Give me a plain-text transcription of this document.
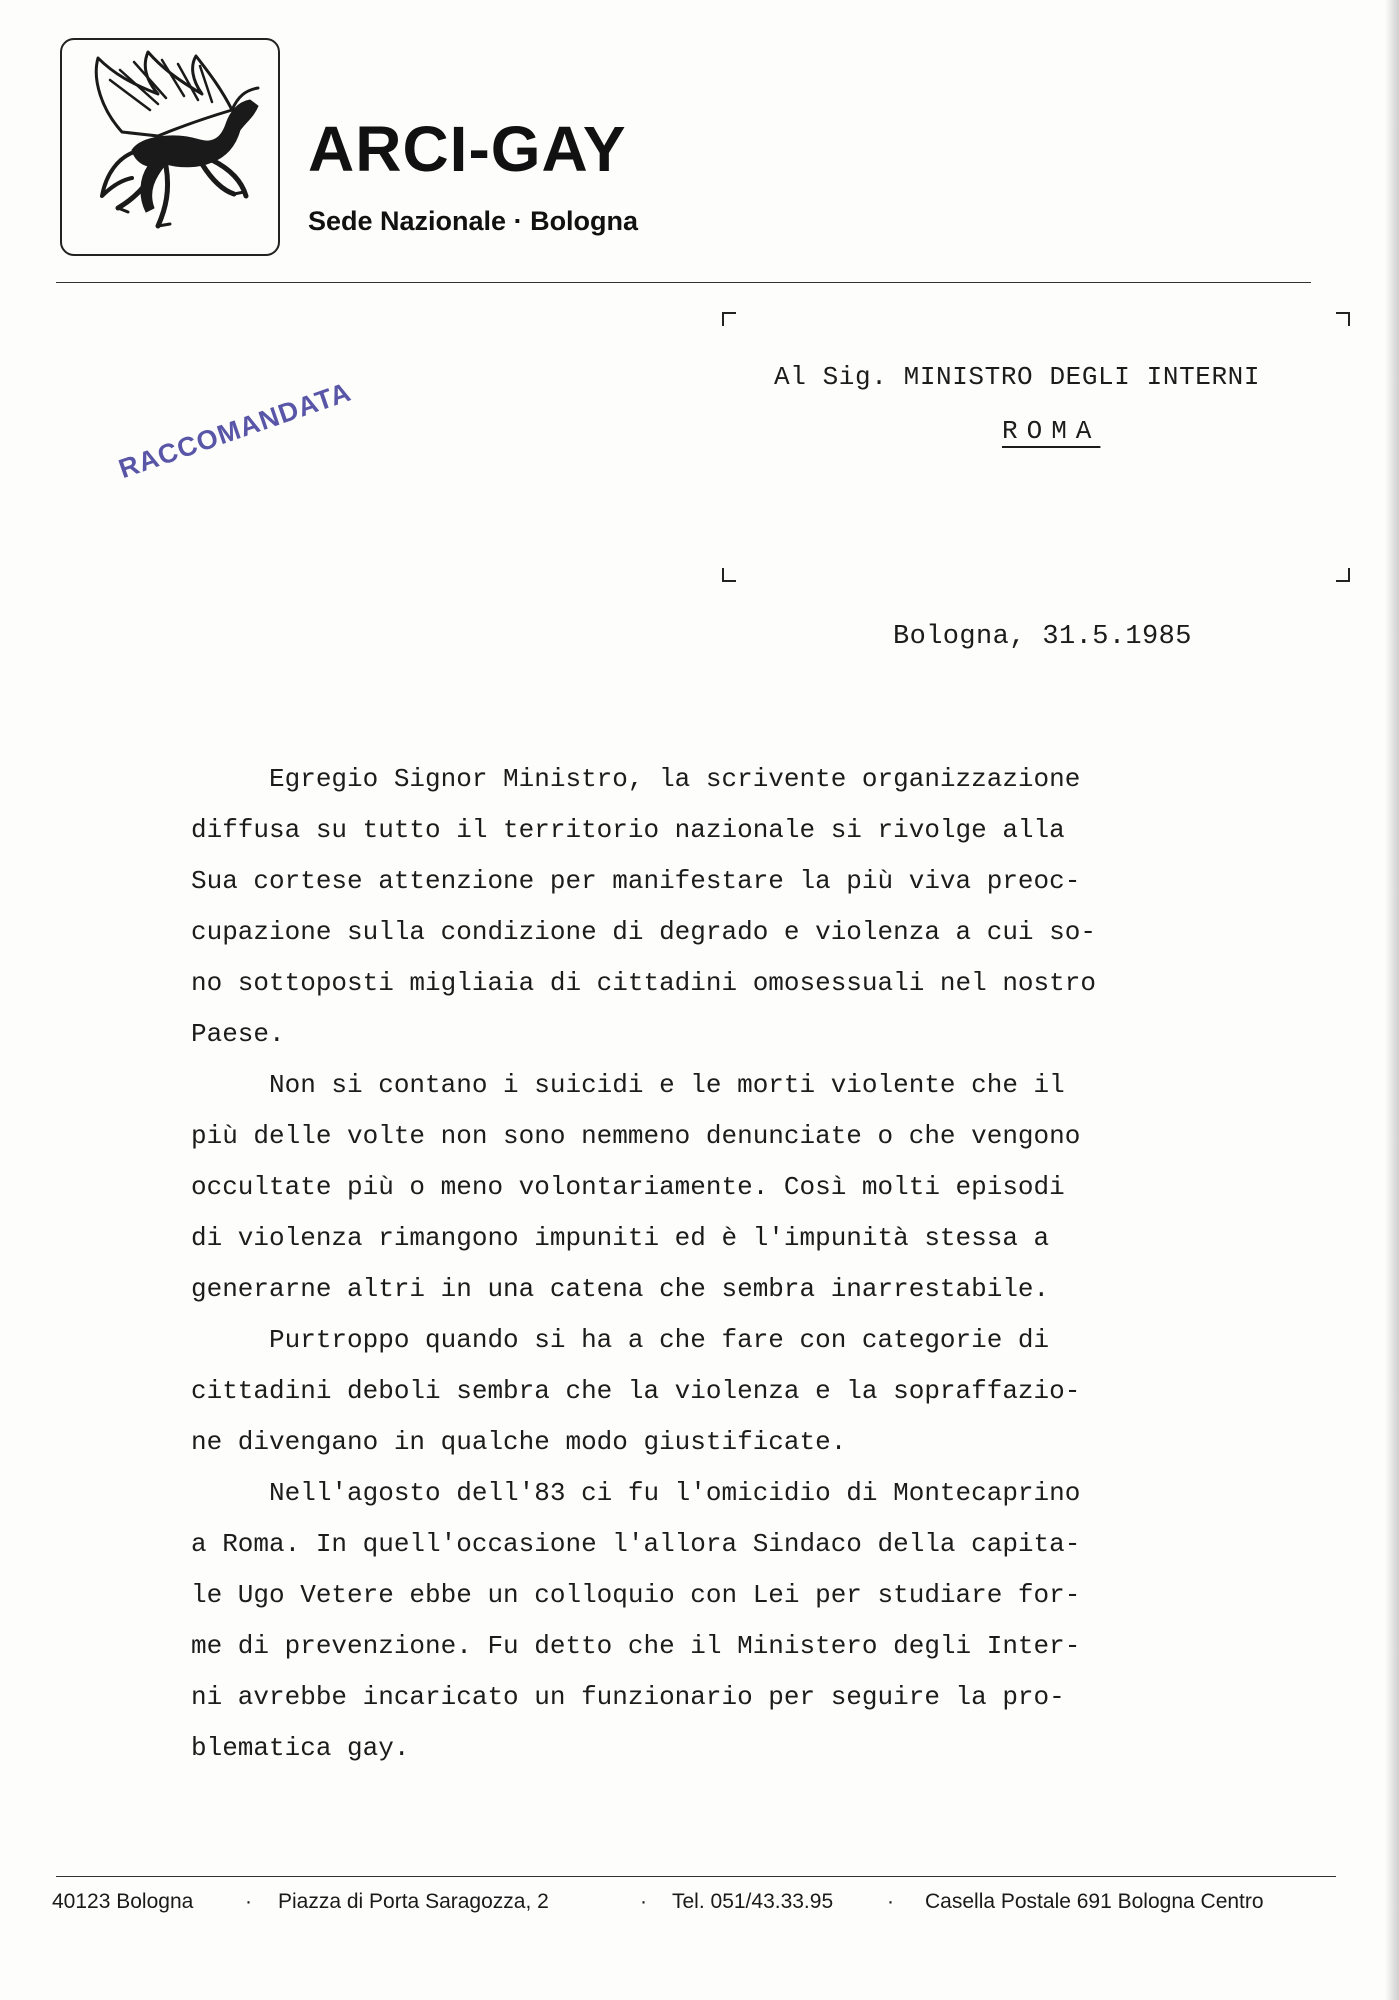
ARCI-GAY
Sede Nazionale · Bologna
Al Sig. MINISTRO DEGLI INTERNI
ROMA
RACCOMANDATA
Bologna, 31.5.1985
Egregio Signor Ministro, la scrivente organizzazione
diffusa su tutto il territorio nazionale si rivolge alla
Sua cortese attenzione per manifestare la più viva preoc-
cupazione sulla condizione di degrado e violenza a cui so-
no sottoposti migliaia di cittadini omosessuali nel nostro
Paese.
Non si contano i suicidi e le morti violente che il
più delle volte non sono nemmeno denunciate o che vengono
occultate più o meno volontariamente. Così molti episodi
di violenza rimangono impuniti ed è l'impunità stessa a
generarne altri in una catena che sembra inarrestabile.
Purtroppo quando si ha a che fare con categorie di
cittadini deboli sembra che la violenza e la sopraffazio-
ne divengano in qualche modo giustificate.
Nell'agosto dell'83 ci fu l'omicidio di Montecaprino
a Roma. In quell'occasione l'allora Sindaco della capita-
le Ugo Vetere ebbe un colloquio con Lei per studiare for-
me di prevenzione. Fu detto che il Ministero degli Inter-
ni avrebbe incaricato un funzionario per seguire la pro-
blematica gay.
40123 Bologna · Piazza di Porta Saragozza, 2	· Tel. 051/43.33.95	· Casella Postale 691 Bologna Centro
